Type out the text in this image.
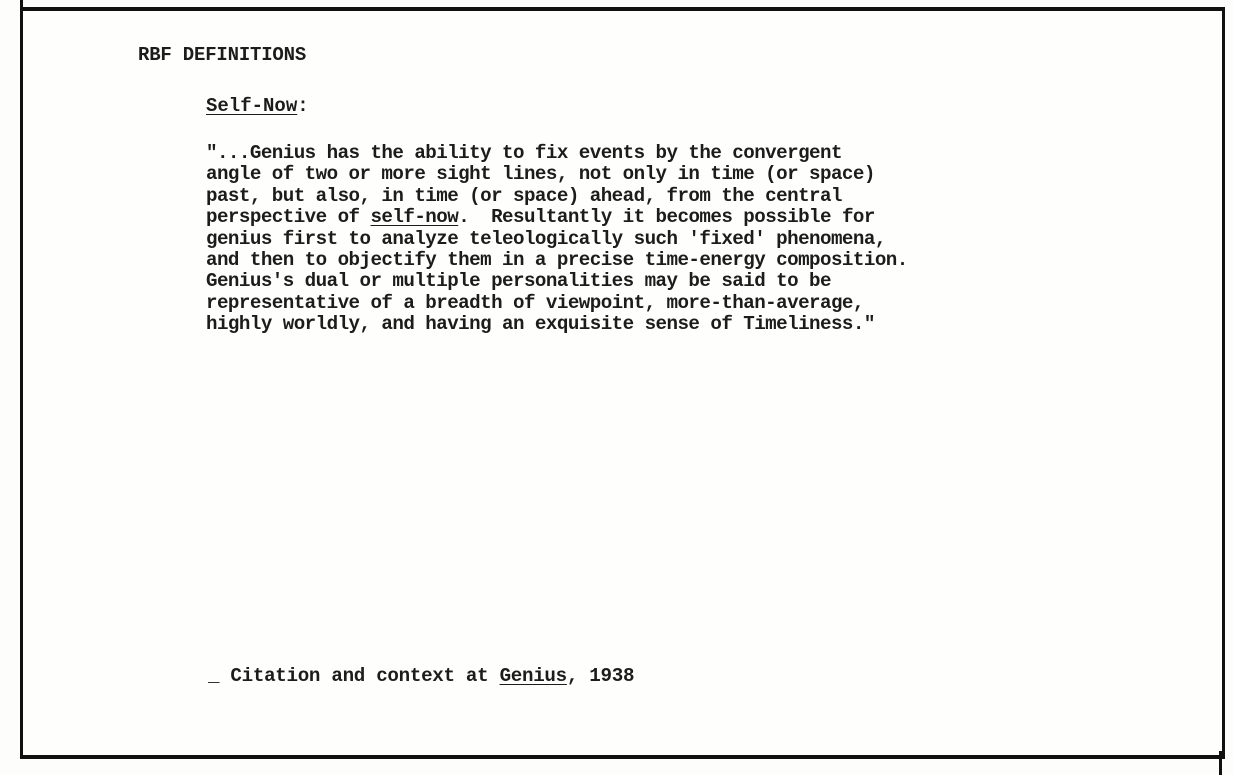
RBF DEFINITIONS
Self-Now:
"...Genius has the ability to fix events by the convergent
angle of two or more sight lines, not only in time (or space)
past, but also, in time (or space) ahead, from the central
perspective of self-now.  Resultantly it becomes possible for
genius first to analyze teleologically such 'fixed' phenomena,
and then to objectify them in a precise time-energy composition.
Genius's dual or multiple personalities may be said to be
representative of a breadth of viewpoint, more-than-average,
highly worldly, and having an exquisite sense of Timeliness."
_ Citation and context at Genius, 1938
